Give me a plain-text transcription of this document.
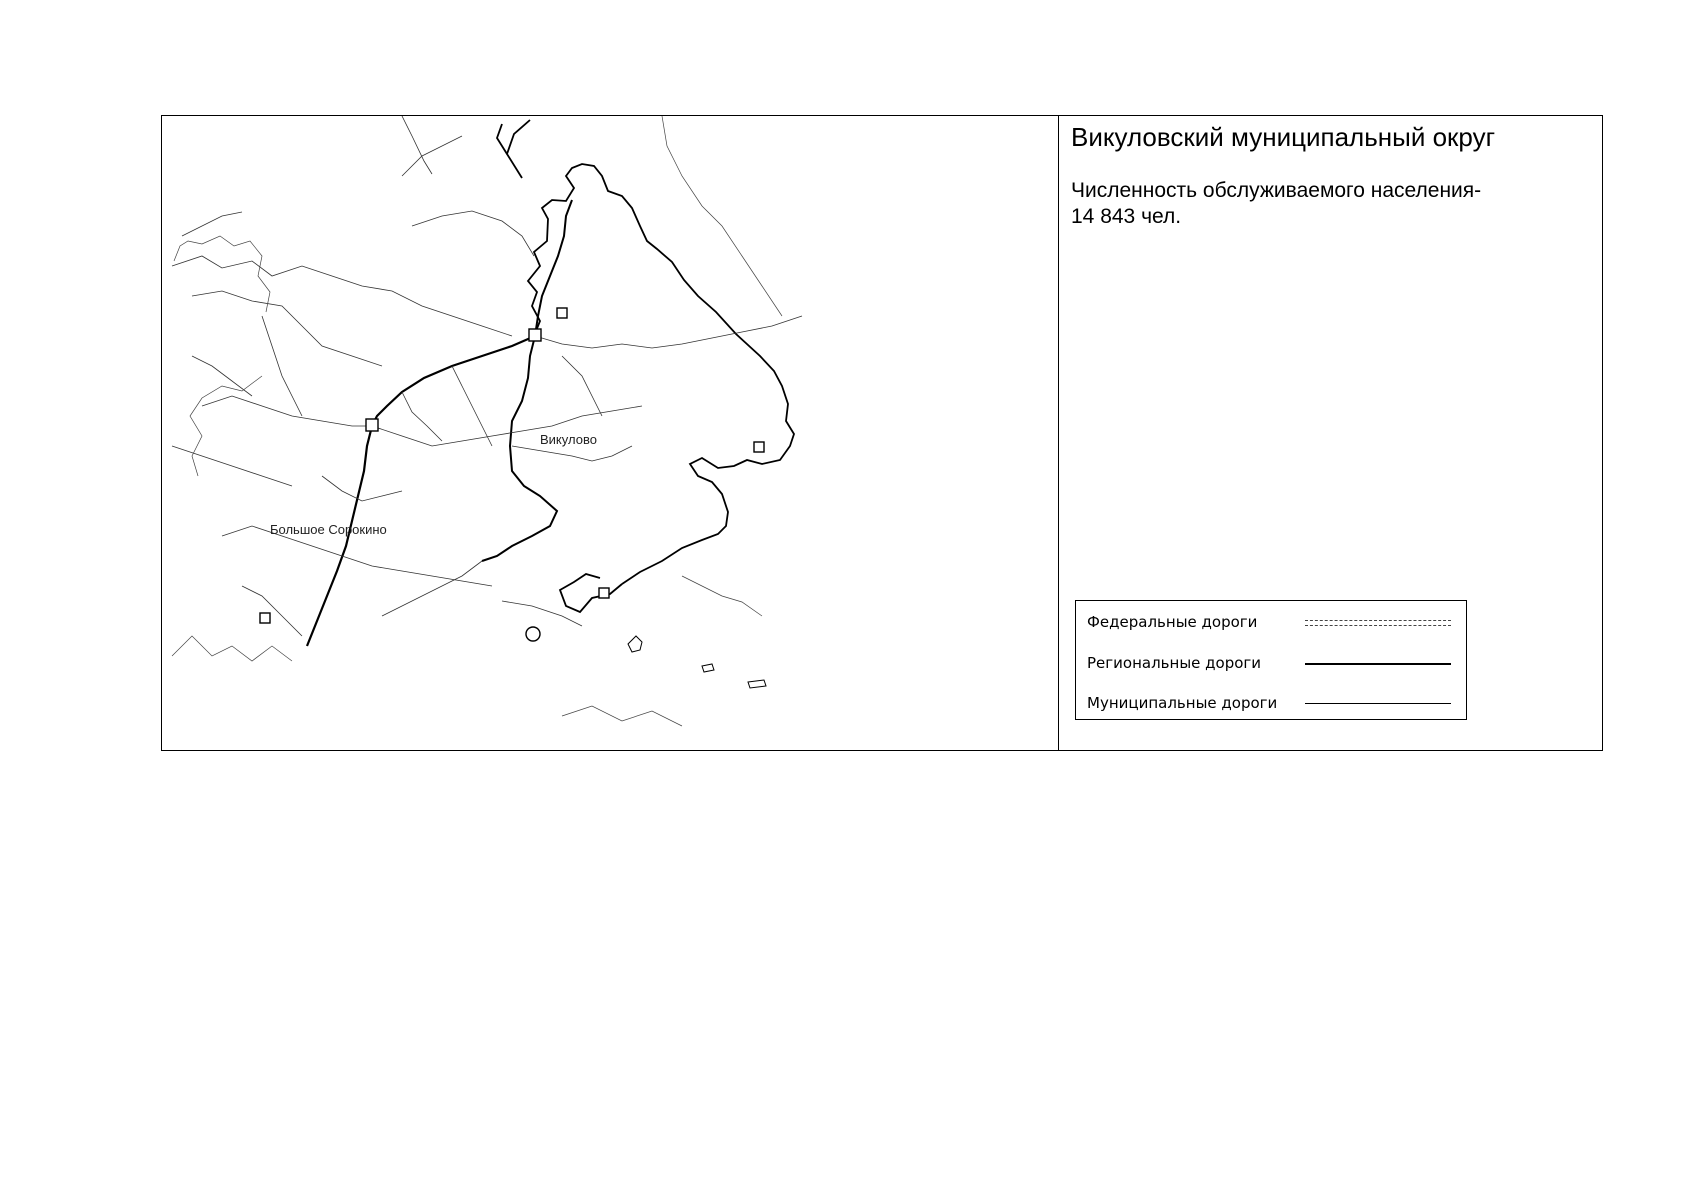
Викулово
Большое Сорокино
Викуловский муниципальный округ
Численность обслуживаемого населения-
14 843 чел.
Федеральные дороги
Региональные дороги
Муниципальные дороги
